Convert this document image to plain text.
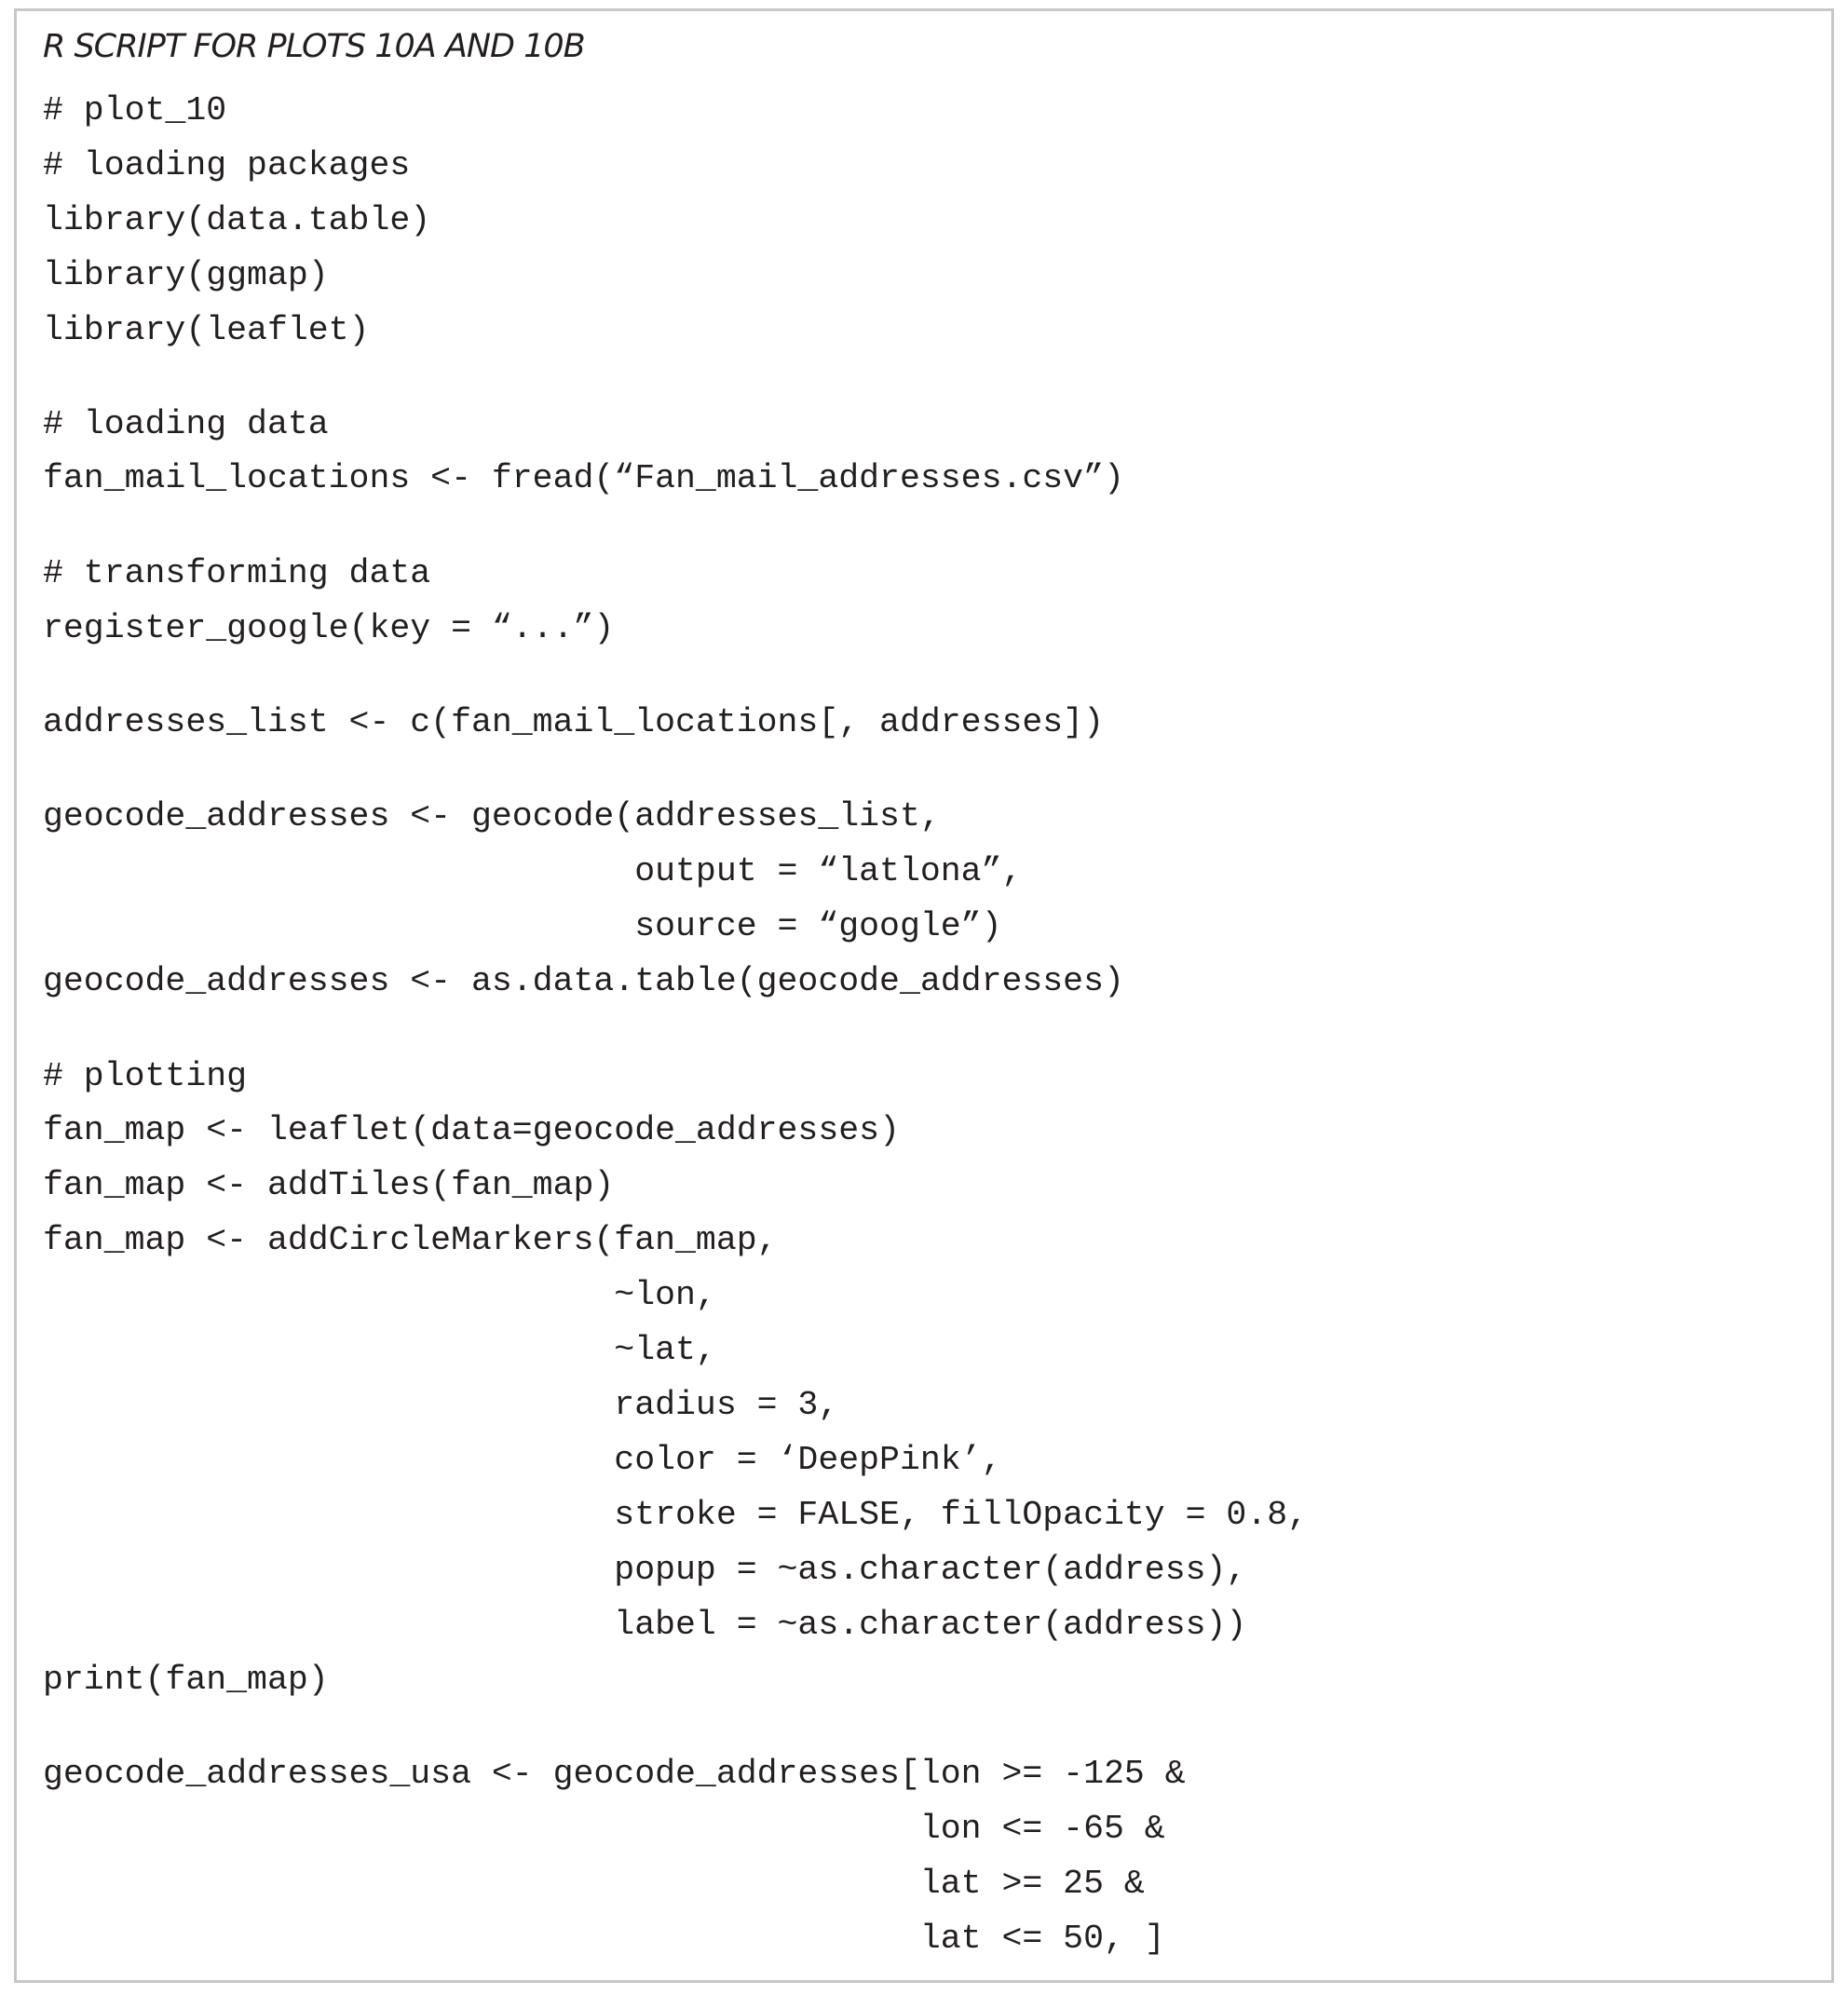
R SCRIPT FOR PLOTS 10A AND 10B
# plot_10
# loading packages
library(data.table)
library(ggmap)
library(leaflet)
# loading data
fan_mail_locations <- fread(“Fan_mail_addresses.csv”)
# transforming data
register_google(key = “...”)
addresses_list <- c(fan_mail_locations[, addresses])
geocode_addresses <- geocode(addresses_list,
output = “latlona”,
source = “google”)
geocode_addresses <- as.data.table(geocode_addresses)
# plotting
fan_map <- leaflet(data=geocode_addresses)
fan_map <- addTiles(fan_map)
fan_map <- addCircleMarkers(fan_map,
~lon,
~lat,
radius = 3,
color = ‘DeepPink’,
stroke = FALSE, fillOpacity = 0.8,
popup = ~as.character(address),
label = ~as.character(address))
print(fan_map)
geocode_addresses_usa <- geocode_addresses[lon >= -125 &
lon <= -65 &
lat >= 25 &
lat <= 50, ]
